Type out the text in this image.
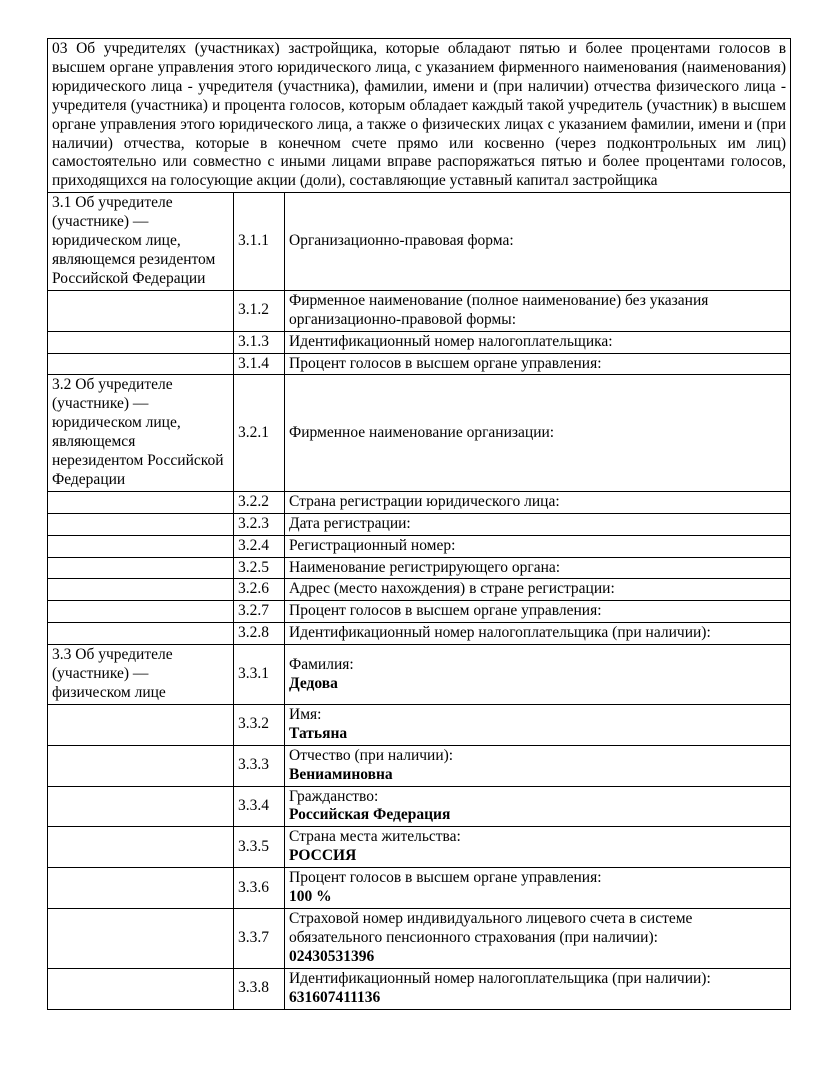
03 Об учредителях (участниках) застройщика, которые обладают пятью и более процентами голосов в высшем органе управления этого юридического лица, с указанием фирменного наименования (наименования) юридического лица - учредителя (участника), фамилии, имени и (при наличии) отчества физического лица - учредителя (участника) и процента голосов, которым обладает каждый такой учредитель (участник) в высшем органе управления этого юридического лица, а также о физических лицах с указанием фамилии, имени и (при наличии) отчества, которые в конечном счете прямо или косвенно (через подконтрольных им лиц) самостоятельно или совместно с иными лицами вправе распоряжаться пятью и более процентами голосов, приходящихся на голосующие акции (доли), составляющие уставный капитал застройщика		
3.1 Об учредителе (участнике) — юридическом лице, являющемся резидентом Российской Федерации	3.1.1	Организационно-правовая форма:

	3.1.2	Фирменное наименование (полное наименование) без указания организационно-правовой формы:

	3.1.3	Идентификационный номер налогоплательщика:

	3.1.4	Процент голосов в высшем органе управления:

3.2 Об учредителе (участнике) — юридическом лице, являющемся нерезидентом Российской Федерации	3.2.1	Фирменное наименование организации:

	3.2.2	Страна регистрации юридического лица:

	3.2.3	Дата регистрации:

	3.2.4	Регистрационный номер:

	3.2.5	Наименование регистрирующего органа:

	3.2.6	Адрес (место нахождения) в стране регистрации:

	3.2.7	Процент голосов в высшем органе управления:

	3.2.8	Идентификационный номер налогоплательщика (при наличии):

3.3 Об учредителе (участнике) — физическом лице	3.3.1	Фамилия:
Дедова

	3.3.2	Имя:
Татьяна

	3.3.3	Отчество (при наличии):
Вениаминовна

	3.3.4	Гражданство:
Российская Федерация

	3.3.5	Страна места жительства:
РОССИЯ

	3.3.6	Процент голосов в высшем органе управления:
100 %

	3.3.7	Страховой номер индивидуального лицевого счета в системе обязательного пенсионного страхования (при наличии):
02430531396

	3.3.8	Идентификационный номер налогоплательщика (при наличии):
631607411136
